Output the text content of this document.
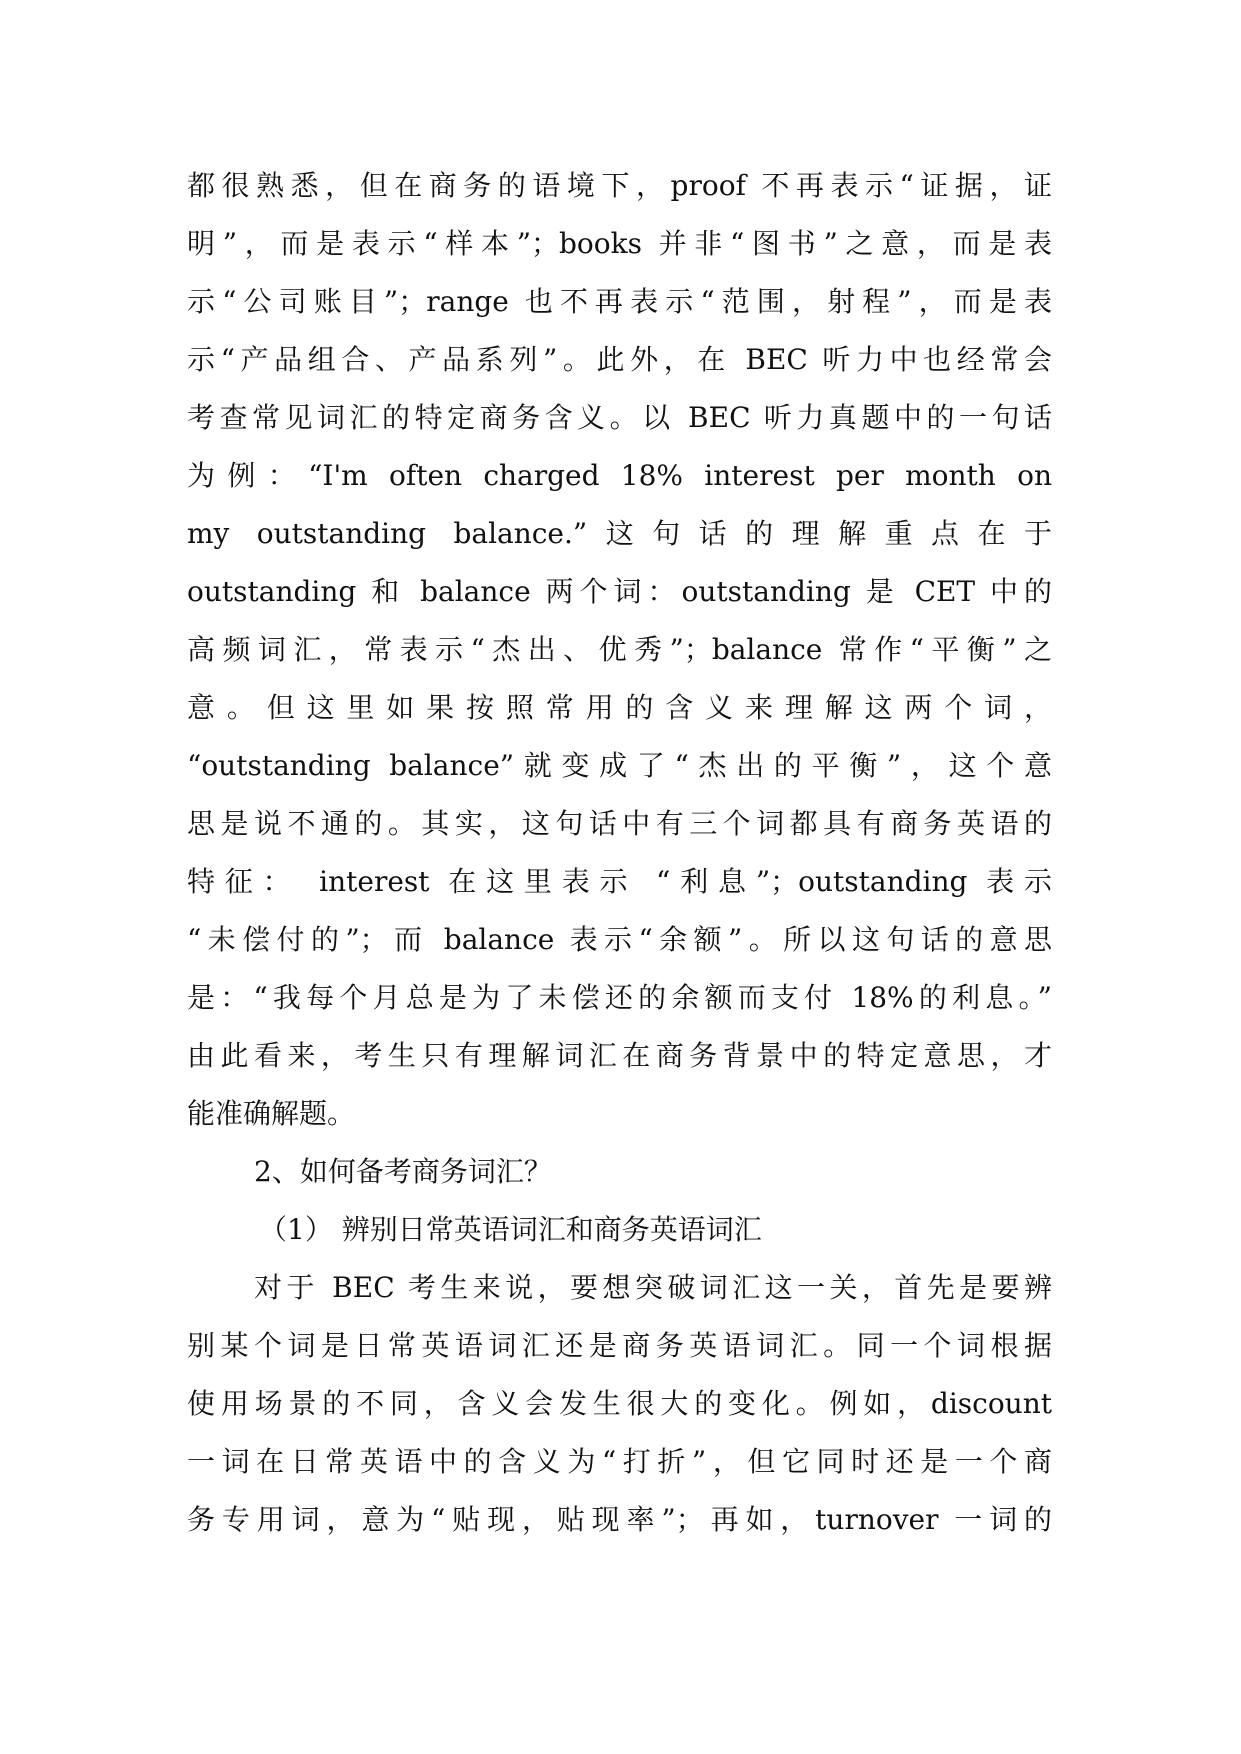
都很熟悉，但在商务的语境下，proof 不再表示“证据，证
明”，而是表示“样本”；books 并非“图书”之意，而是表
示“公司账目”；range 也不再表示“范围，射程”，而是表
示“产品组合、产品系列”。此外，在 BEC 听力中也经常会
考查常见词汇的特定商务含义。以 BEC 听力真题中的一句话
为例：“I'm often charged 18% interest per month on
my outstanding balance.”这句话的理解重点在于
outstanding 和 balance 两个词：outstanding 是 CET 中的
高频词汇，常表示“杰出、优秀”；balance 常作“平衡”之
意。但这里如果按照常用的含义来理解这两个词，
“outstanding balance”就变成了“杰出的平衡”，这个意
思是说不通的。其实，这句话中有三个词都具有商务英语的
特征： interest 在这里表示 “利息”；outstanding 表示
“未偿付的”；而 balance 表示“余额”。所以这句话的意思
是：“我每个月总是为了未偿还的余额而支付 18%的利息。”
由此看来，考生只有理解词汇在商务背景中的特定意思，才
能准确解题。
2、如何备考商务词汇？
（1） 辨别日常英语词汇和商务英语词汇
对于 BEC 考生来说，要想突破词汇这一关，首先是要辨
别某个词是日常英语词汇还是商务英语词汇。同一个词根据
使用场景的不同，含义会发生很大的变化。例如，discount
一词在日常英语中的含义为“打折”，但它同时还是一个商
务专用词，意为“贴现，贴现率”；再如，turnover 一词的
